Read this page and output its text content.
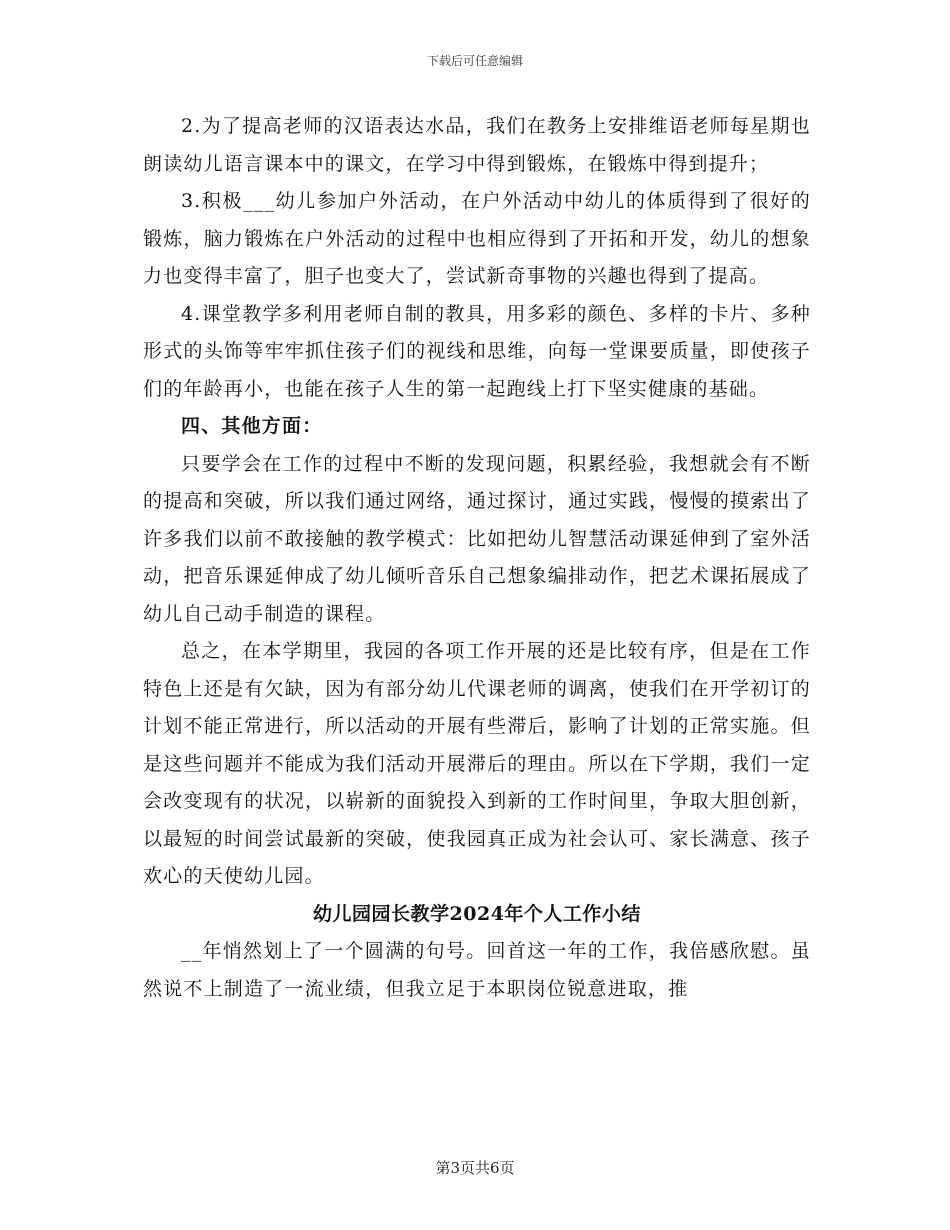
下载后可任意编辑

2.为了提高老师的汉语表达水品，我们在教务上安排维语老师每星期也朗读幼儿语言课本中的课文，在学习中得到锻炼，在锻炼中得到提升；

3.积极___幼儿参加户外活动，在户外活动中幼儿的体质得到了很好的锻炼，脑力锻炼在户外活动的过程中也相应得到了开拓和开发，幼儿的想象力也变得丰富了，胆子也变大了，尝试新奇事物的兴趣也得到了提高。

4.课堂教学多利用老师自制的教具，用多彩的颜色、多样的卡片、多种形式的头饰等牢牢抓住孩子们的视线和思维，向每一堂课要质量，即使孩子们的年龄再小，也能在孩子人生的第一起跑线上打下坚实健康的基础。

四、其他方面：

只要学会在工作的过程中不断的发现问题，积累经验，我想就会有不断的提高和突破，所以我们通过网络，通过探讨，通过实践，慢慢的摸索出了许多我们以前不敢接触的教学模式：比如把幼儿智慧活动课延伸到了室外活动，把音乐课延伸成了幼儿倾听音乐自己想象编排动作，把艺术课拓展成了幼儿自己动手制造的课程。

总之，在本学期里，我园的各项工作开展的还是比较有序，但是在工作特色上还是有欠缺，因为有部分幼儿代课老师的调离，使我们在开学初订的计划不能正常进行，所以活动的开展有些滞后，影响了计划的正常实施。但是这些问题并不能成为我们活动开展滞后的理由。所以在下学期，我们一定会改变现有的状况，以崭新的面貌投入到新的工作时间里，争取大胆创新，以最短的时间尝试最新的突破，使我园真正成为社会认可、家长满意、孩子欢心的天使幼儿园。

幼儿园园长教学2024年个人工作小结

__年悄然划上了一个圆满的句号。回首这一年的工作，我倍感欣慰。虽然说不上制造了一流业绩，但我立足于本职岗位锐意进取，推

第3页共6页
